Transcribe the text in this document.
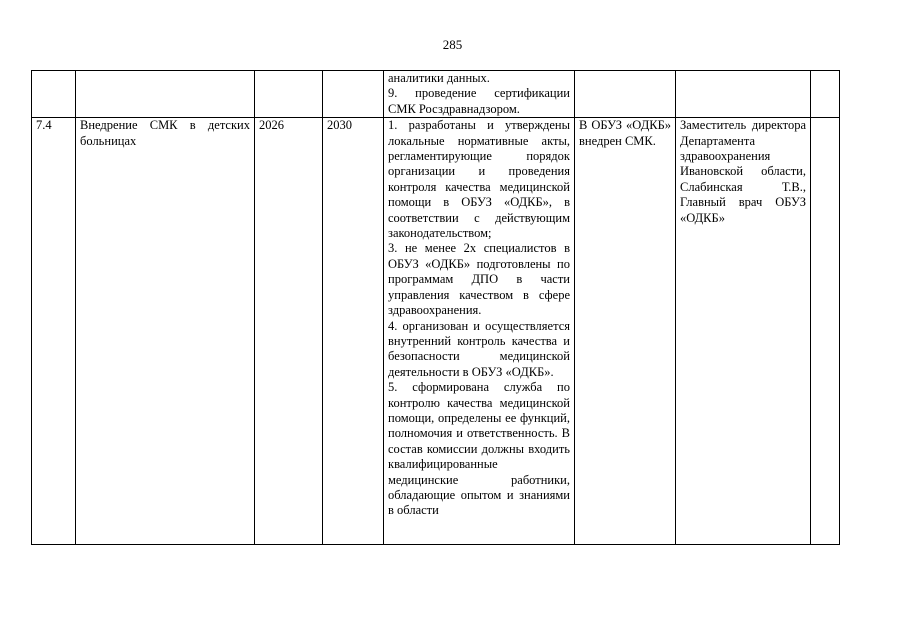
285

				аналитики данных.
9. проведение сертификации СМК Росздравнадзором.			

7.4	Внедрение СМК в детских больницах	2026	2030	1. разработаны и утверждены локальные нормативные акты, регламентирующие порядок организации и проведения контроля качества медицинской помощи в ОБУЗ «ОДКБ», в соответствии с действующим законодательством;
3. не менее 2х специалистов в ОБУЗ «ОДКБ» подготовлены по программам ДПО в части управления качеством в сфере здравоохранения.
4. организован и осуществляется внутренний контроль качества и безопасности медицинской деятельности в ОБУЗ «ОДКБ».
5. сформирована служба по контролю качества медицинской помощи, определены ее функций, полномочия и ответственность. В состав комиссии должны входить квалифицированные медицинские работники, обладающие опытом и знаниями в области	В ОБУЗ «ОДКБ» внедрен СМК.	Заместитель директора Департамента здравоохранения Ивановской области, Слабинская Т.В., Главный врач ОБУЗ «ОДКБ»	
